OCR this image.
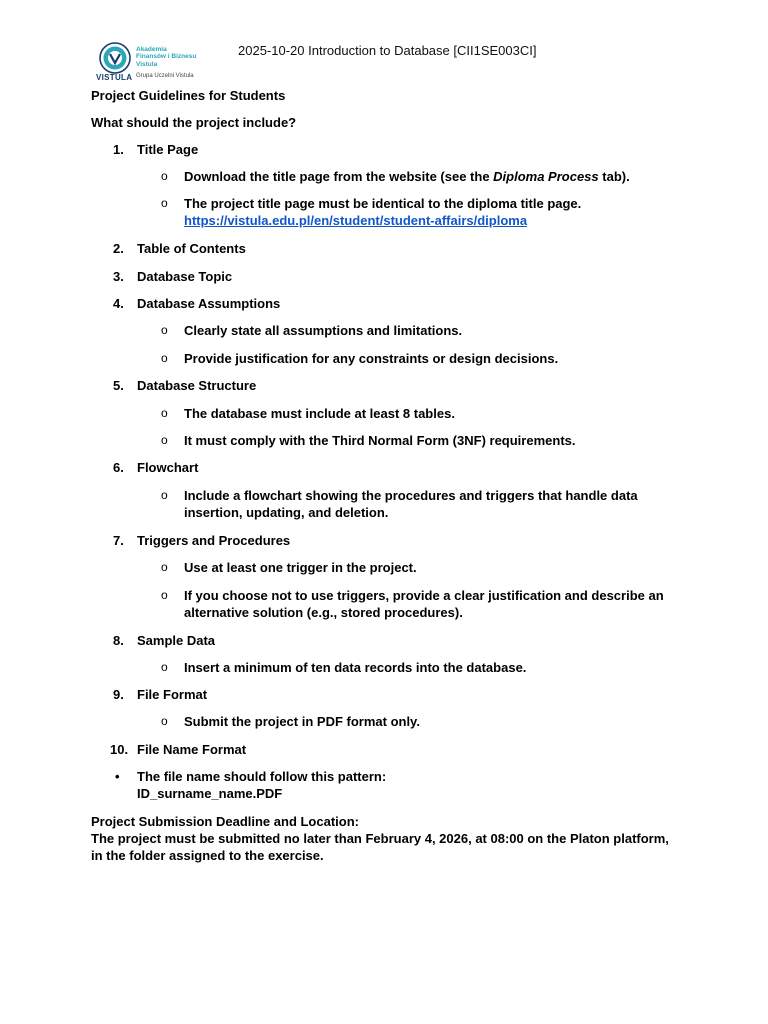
Akademia
Finansów i Biznesu
Vistula
VISTULA Grupa Uczelni Vistula
2025-10-20 Introduction to Database [CII1SE003CI]
Project Guidelines for Students
What should the project include?
1.	Title Page
o Download the title page from the website (see the Diploma Process tab).
o The project title page must be identical to the diploma title page.
https://vistula.edu.pl/en/student/student-affairs/diploma
2.	Table of Contents
3.	Database Topic
4.	Database Assumptions
o Clearly state all assumptions and limitations.
o Provide justification for any constraints or design decisions.
5.	Database Structure
o The database must include at least 8 tables.
o It must comply with the Third Normal Form (3NF) requirements.
6.	Flowchart
o Include a flowchart showing the procedures and triggers that handle data insertion, updating, and deletion.
7.	Triggers and Procedures
o Use at least one trigger in the project.
o If you choose not to use triggers, provide a clear justification and describe an alternative solution (e.g., stored procedures).
8.	Sample Data
o Insert a minimum of ten data records into the database.
9.	File Format
o Submit the project in PDF format only.
10. File Name Format
• The file name should follow this pattern:
ID_surname_name.PDF
Project Submission Deadline and Location:
The project must be submitted no later than February 4, 2026, at 08:00 on the Platon platform, in the folder assigned to the exercise.
